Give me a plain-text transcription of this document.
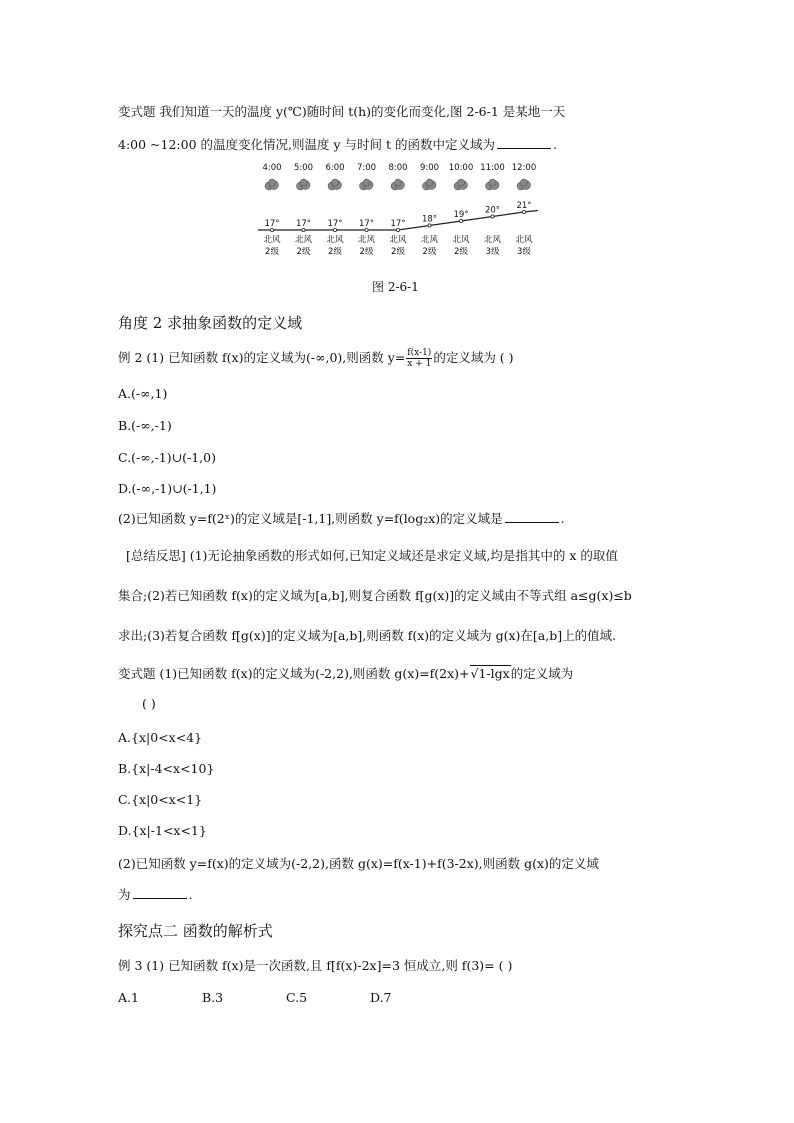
变式题 我们知道一天的温度 y(℃)随时间 t(h)的变化而变化,图 2-6-1 是某地一天
4:00 ~12:00 的温度变化情况,则温度 y 与时间 t 的函数中定义域为	.
4:00
17°
北风
2级
5:00
17°
北风
2级
6:00
17°
北风
2级
7:00
17°
北风
2级
8:00
17°
北风
2级
9:00
18°
北风
2级
10:00
19°
北风
2级
11:00
20°
北风
3级
12:00
21°
北风
3级
图 2-6-1
角度 2 求抽象函数的定义域
例 2 (1) 已知函数 f(x)的定义域为(-∞,0),则函数 $y= \frac{f(x-1)}{x + 1}$ 的定义域为 ( )
A.(-∞,1)
B.(-∞,-1)
C.(-∞,-1)∪(-1,0)
D.(-∞,-1)∪(-1,1)
(2)已知函数 y=f(2ˣ)的定义域是[-1,1],则函数 y=f(log₂x)的定义域是	.
[总结反思] (1)无论抽象函数的形式如何,已知定义域还是求定义域,均是指其中的 x 的取值
集合;(2)若已知函数 f(x)的定义域为[a,b],则复合函数 f[g(x)]的定义域由不等式组 a≤g(x)≤b
求出;(3)若复合函数 f[g(x)]的定义域为[a,b],则函数 f(x)的定义域为 g(x)在[a,b]上的值域.
变式题 (1)已知函数 f(x)的定义域为(-2,2),则函数 g(x)=f(2x)+√1-lgx的定义域为
( )
A.{x|0<x<4}
B.{x|-4<x<10}
C.{x|0<x<1}
D.{x|-1<x<1}
(2)已知函数 y=f(x)的定义域为(-2,2),函数 g(x)=f(x-1)+f(3-2x),则函数 g(x)的定义域
为	.
探究点二 函数的解析式
例 3 (1) 已知函数 f(x)是一次函数,且 f[f(x)-2x]=3 恒成立,则 f(3)= ( )
A.1	B.3	C.5	D.7
